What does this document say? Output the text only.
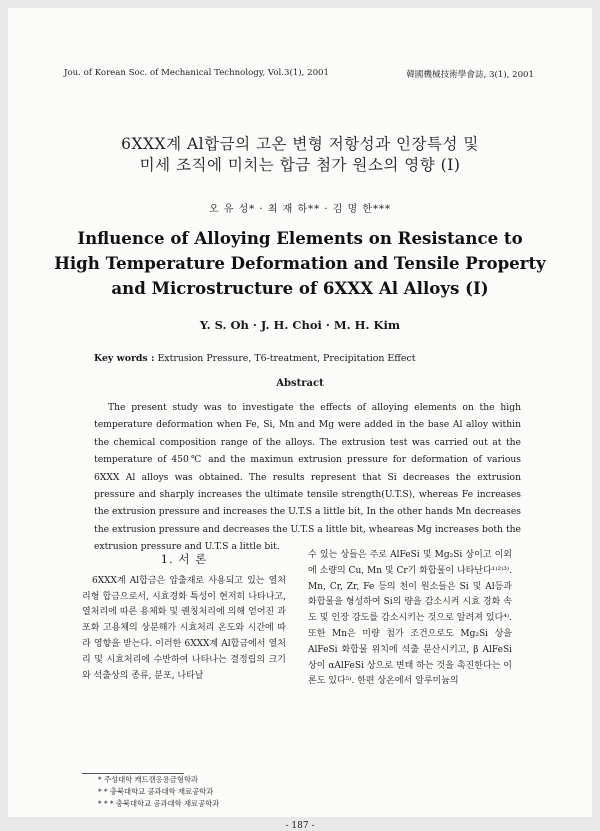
Jou. of Korean Soc. of Mechanical Technology, Vol.3(1), 2001	韓國機械技術學會誌, 3(1), 2001
6XXX계 Al합금의 고온 변형 저항성과 인장특성 및
미세 조직에 미치는 합금 첨가 원소의 영향 (Ⅰ)
오 유 성* · 최 재 하** · 김 명 한***
Influence of Alloying Elements on Resistance to
High Temperature Deformation and Tensile Property
and Microstructure of 6XXX Al Alloys (Ⅰ)
Y. S. Oh · J. H. Choi · M. H. Kim
Key words : Extrusion Pressure, T6-treatment, Precipitation Effect
Abstract

The present study was to investigate the effects of alloying elements on the high temperature deformation when Fe, Si, Mn and Mg were added in the base Al alloy within the chemical composition range of the alloys. The extrusion test was carried out at the temperature of 450℃ and the maximun extrusion pressure for deformation of various 6XXX Al alloys was obtained. The results represent that Si decreases the extrusion pressure and sharply increases the ultimate tensile strength(U.T.S), whereas Fe increases the extrusion pressure and increases the U.T.S a little bit, In the other hands Mn decreases the extrusion pressure and decreases the U.T.S a little bit, wheareas Mg increases both the extrusion pressure and U.T.S a little bit.

1. 서 론

6XXX계 Al합금은 압출재로 사용되고 있는 열처리형 합금으로서, 시효경화 특성이 현저히 나타나고, 열처리에 따른 용체화 및 퀜칭처리에 의해 얻어진 과포화 고용체의 상분해가 시효처리 온도와 시간에 따라 영향을 받는다. 이러한 6XXX계 Al합금에서 열처리 및 시효처리에 수반하여 나타나는 결정립의 크기와 석출상의 종류, 분포, 나타날

수 있는 상들은 주로 AlFeSi 및 Mg₂Si 상이고 이외에 소량의 Cu, Mn 및 Cr기 화합물이 나타난다¹⁾²⁾³⁾. Mn, Cr, Zr, Fe 등의 천이 원소들은 Si 및 Al등과 화합물을 형성하여 Si의 량을 감소시켜 시효 경화 속도 및 인장 강도를 감소시키는 것으로 알려져 있다⁴⁾. 또한 Mn은 미량 첨가 조건으로도 Mg₂Si 상을 AlFeSi 화합물 위치에 석출 분산시키고, β AlFeSi 상이 αAlFeSi 상으로 변태 하는 것을 촉진한다는 이론도 있다⁵⁾. 한편 상온에서 알루미늄의

* 주성대학 캐드캠응용금형학과
* * 충북대학교 공과대학 재료공학과
* * * 충북대학교 공과대학 재료공학과
- 187 -
